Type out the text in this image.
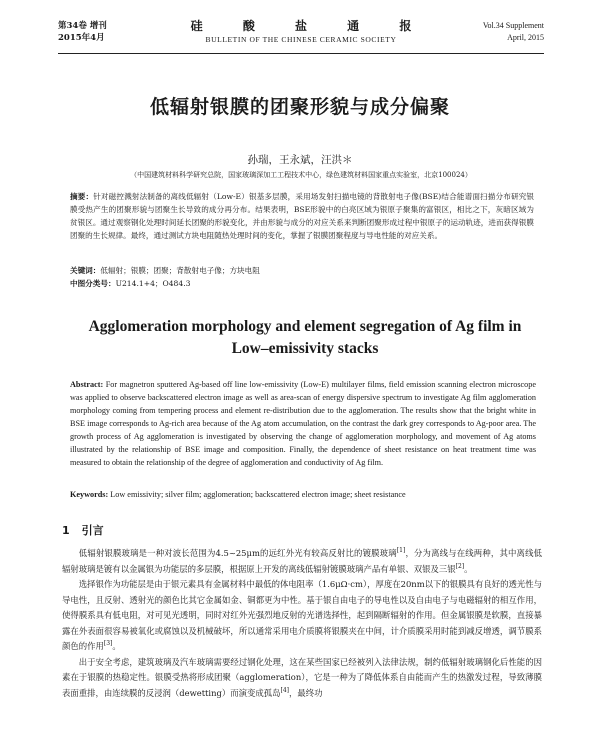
第34卷 增刊
2015年4月
硅 酸 盐 通 报
BULLETIN OF THE CHINESE CERAMIC SOCIETY
Vol.34 Supplement
April, 2015
低辐射银膜的团聚形貌与成分偏聚
孙瑞，王永斌，汪洪＊
（中国建筑材料科学研究总院，国家玻璃深加工工程技术中心，绿色建筑材料国家重点实验室，北京100024）
摘要：针对磁控溅射法制备的离线低辐射（Low-E）银基多层膜，采用场发射扫描电镜的背散射电子像(BSE)结合能谱面扫描分布研究银膜受热产生的团聚形貌与团聚生长导致的成分再分布。结果表明，BSE形貌中的白亮区域为银原子聚集的富银区，相比之下，灰暗区域为贫银区。通过观察钢化处理时间延长团聚的形貌变化，并由形貌与成分的对应关系来判断团聚形成过程中银原子的运动轨迹，进而获得银膜团聚的生长规律。最终，通过测试方块电阻随热处理时间的变化，掌握了银膜团聚程度与导电性能的对应关系。
关键词：低辐射；银膜；团聚；背散射电子像；方块电阻
中图分类号：U214.1+4；O484.3
Agglomeration morphology and element segregation of Ag film in Low–emissivity stacks
Abstract: For magnetron sputtered Ag-based off line low-emissivity (Low-E) multilayer films, field emission scanning electron microscope was applied to observe backscattered electron image as well as area-scan of energy dispersive spectrum to investigate Ag film agglomeration morphology coming from tempering process and element re-distribution due to the agglomeration. The results show that the bright white in BSE image corresponds to Ag-rich area because of the Ag atom accumulation, on the contrast the dark grey corresponds to Ag-poor area. The growth process of Ag agglomeration is investigated by observing the change of agglomeration morphology, and movement of Ag atoms illustrated by the relationship of BSE image and composition. Finally, the dependence of sheet resistance on heat treatment time was measured to obtain the relationship of the degree of agglomeration and conductivity of Ag film.
Keywords: Low emissivity; silver film; agglomeration; backscattered electron image; sheet resistance
1 引言

低辐射银膜玻璃是一种对波长范围为4.5~25μm的远红外光有较高反射比的镀膜玻璃[1]，分为离线与在线两种，其中离线低辐射玻璃是镀有以金属银为功能层的多层膜，根据原上开发的离线低辐射镀膜玻璃产品有单银、双银及三银[2]。

选择银作为功能层是由于银元素具有金属材料中最低的体电阻率（1.6μΩ·cm），厚度在20nm以下的银膜具有良好的透光性与导电性，且反射、透射光的颜色比其它金属如金、铜都更为中性。基于银自由电子的导电性以及自由电子与电磁辐射的相互作用，使得膜系具有低电阻，对可见光透明，同时对红外光强烈地反射的光谱选择性，起到隔断辐射的作用。但金属银膜是软膜，直接暴露在外表面很容易被氧化或腐蚀以及机械破坏，所以通常采用电介质膜将银膜夹在中间，计介质膜采用时能到减反增透，调节膜系颜色的作用[3]。

出于安全考虑，建筑玻璃及汽车玻璃需要经过钢化处理，这在某些国家已经被列入法律法规，制约低辐射玻璃钢化后性能的因素在于银膜的热稳定性。银膜受热将形成团聚（agglomeration），它是一种为了降低体系自由能而产生的热激发过程，导致薄膜表面重排，由连续膜的反浸润（dewetting）而演变成孤岛[4]，最终功
